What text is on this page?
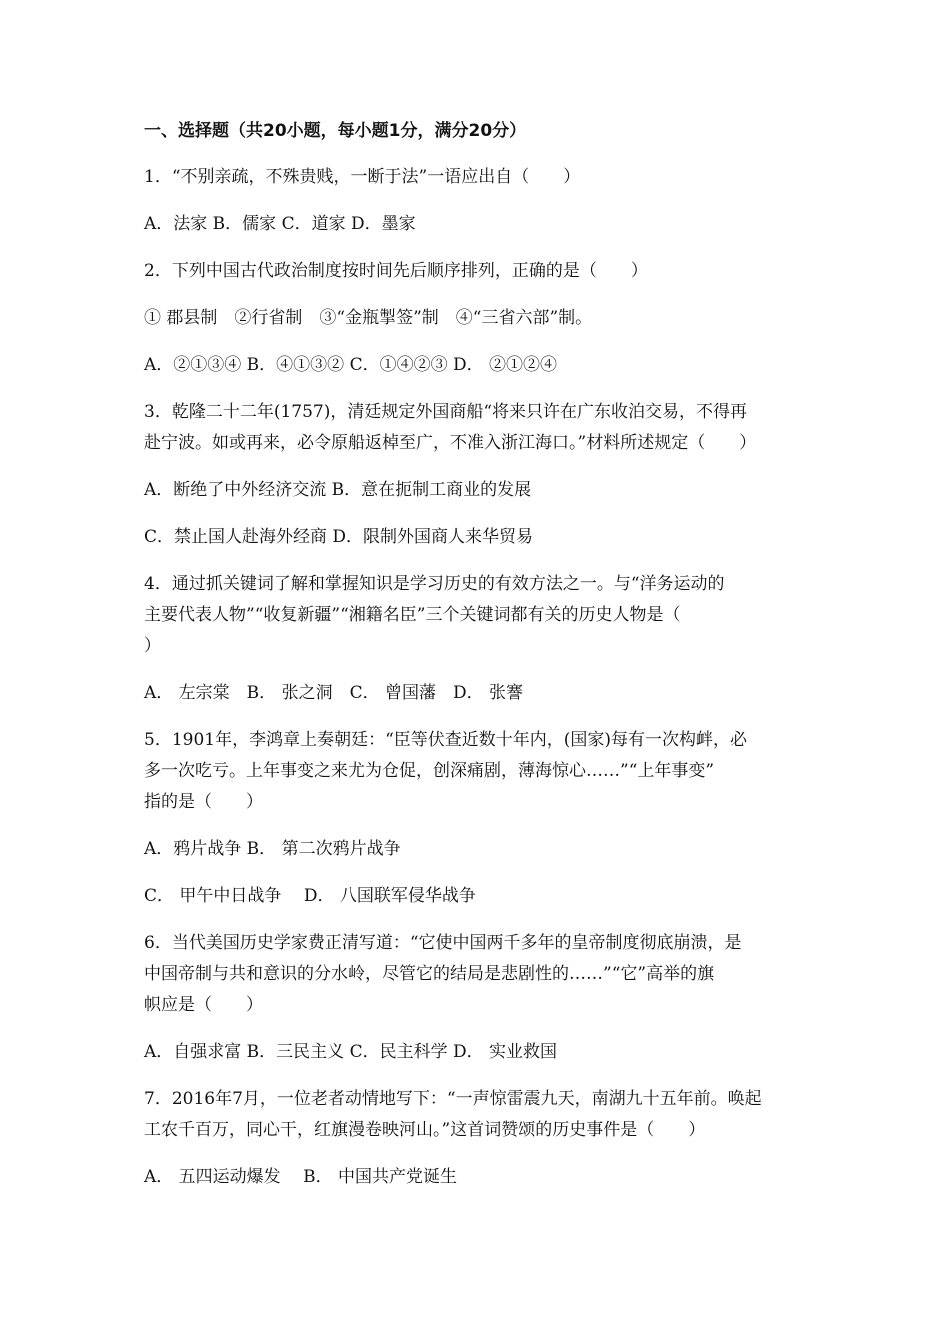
一、选择题（共20小题，每小题1分，满分20分）

1．“不别亲疏，不殊贵贱，一断于法”一语应出自（　　）

A．法家 B．儒家 C．道家 D．墨家

2．下列中国古代政治制度按时间先后顺序排列，正确的是（　　）

① 郡县制　②行省制　③“金瓶掣签”制　④“三省六部”制。

A．②①③④ B．④①③② C．①④②③ D． ②①②④

3．乾隆二十二年(1757)，清廷规定外国商船“将来只许在广东收泊交易，不得再

赴宁波。如或再来，必令原船返棹至广，不准入浙江海口。”材料所述规定（　　）

A．断绝了中外经济交流 B．意在扼制工商业的发展

C．禁止国人赴海外经商 D．限制外国商人来华贸易

4．通过抓关键词了解和掌握知识是学习历史的有效方法之一。与“洋务运动的

主要代表人物”“收复新疆”“湘籍名臣”三个关键词都有关的历史人物是（

）

A． 左宗棠　B． 张之洞　C． 曾国藩　D． 张謇

5．1901年，李鸿章上奏朝廷：“臣等伏查近数十年内，(国家)每有一次构衅，必

多一次吃亏。上年事变之来尤为仓促，创深痛剧，薄海惊心……”“上年事变”

指的是（　　）

A．鸦片战争 B． 第二次鸦片战争

C． 甲午中日战争　 D． 八国联军侵华战争

6．当代美国历史学家费正清写道：“它使中国两千多年的皇帝制度彻底崩溃，是

中国帝制与共和意识的分水岭，尽管它的结局是悲剧性的……”“它”高举的旗

帜应是（　　）

A．自强求富 B．三民主义 C．民主科学 D． 实业救国

7．2016年7月，一位老者动情地写下：“一声惊雷震九天，南湖九十五年前。唤起

工农千百万，同心干，红旗漫卷映河山。”这首词赞颂的历史事件是（　　）

A． 五四运动爆发　 B． 中国共产党诞生
